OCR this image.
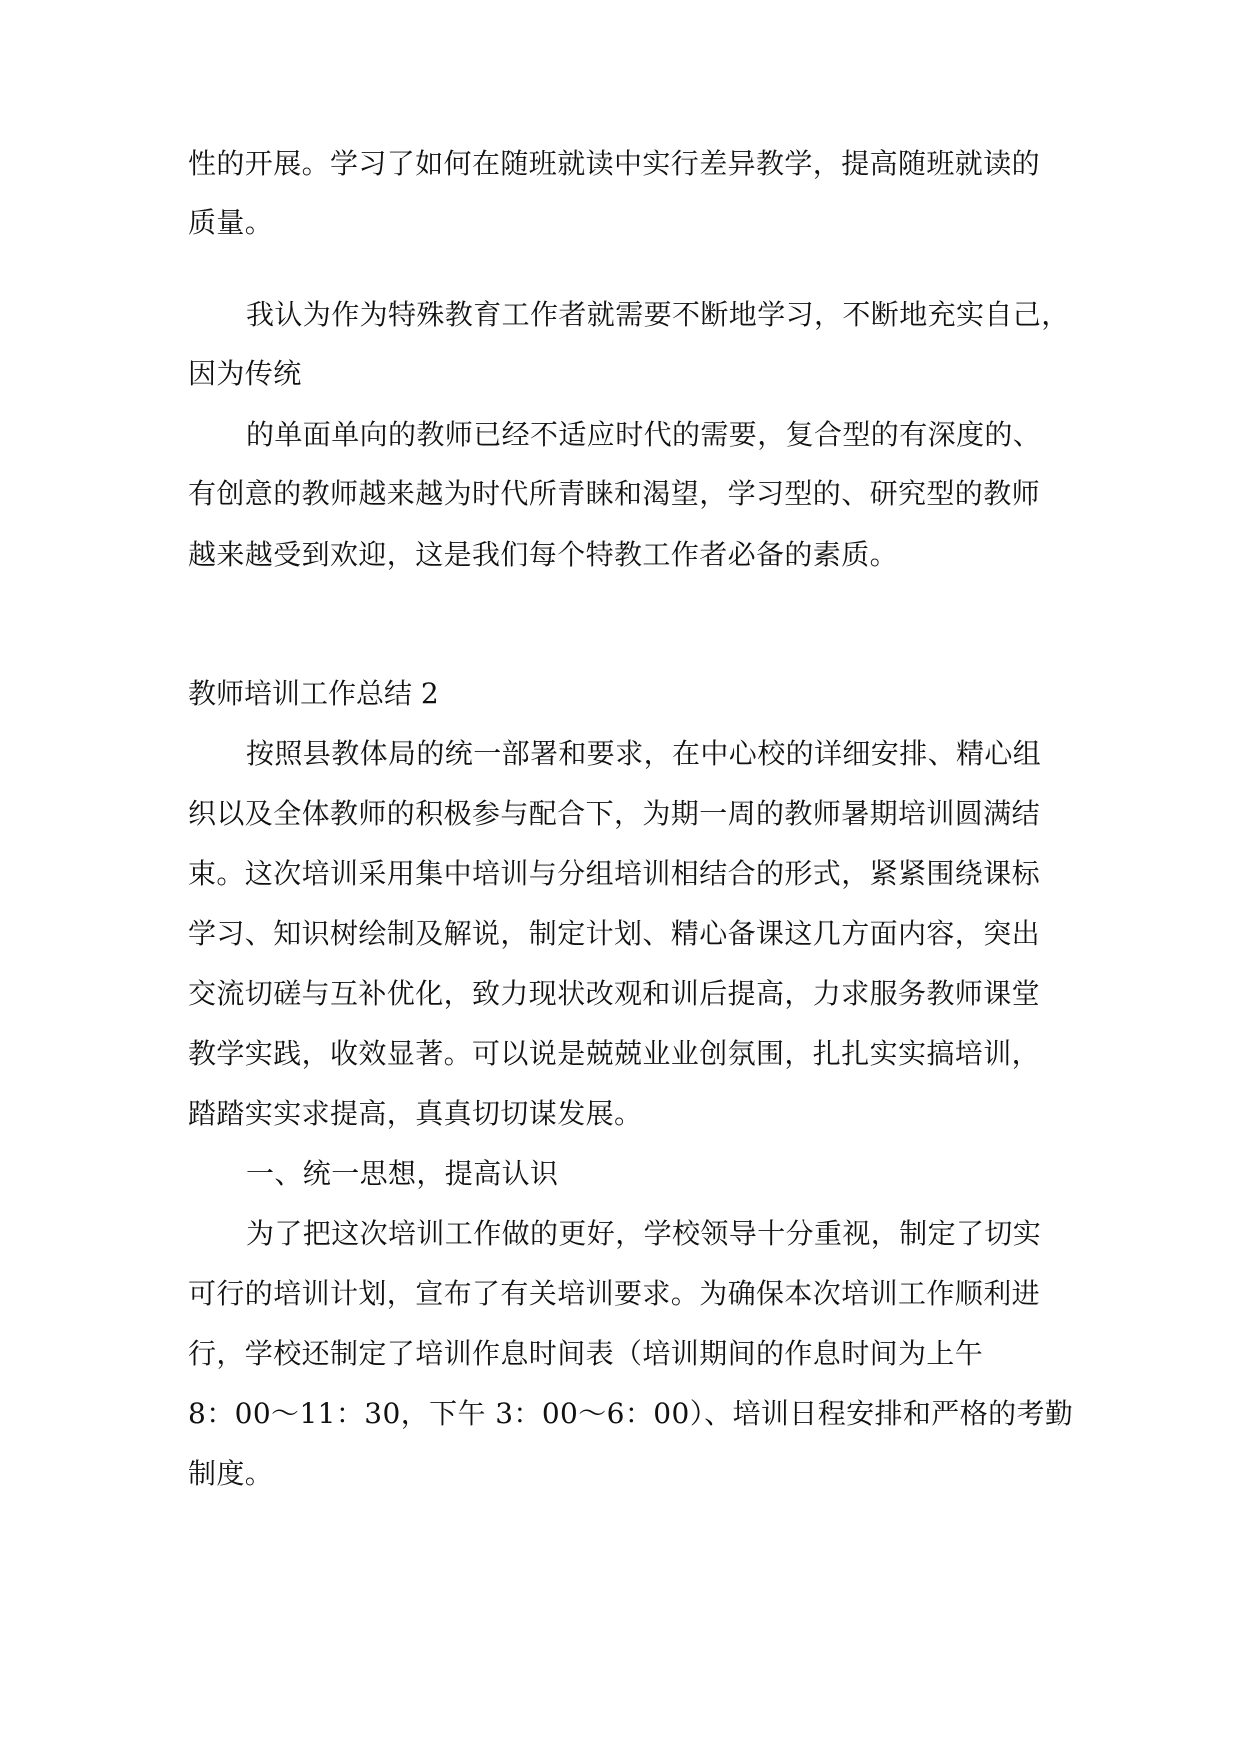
性的开展。学习了如何在随班就读中实行差异教学，提高随班就读的
质量。
我认为作为特殊教育工作者就需要不断地学习，不断地充实自己，
因为传统
的单面单向的教师已经不适应时代的需要，复合型的有深度的、
有创意的教师越来越为时代所青睐和渴望，学习型的、研究型的教师
越来越受到欢迎，这是我们每个特教工作者必备的素质。
教师培训工作总结 2
按照县教体局的统一部署和要求，在中心校的详细安排、精心组
织以及全体教师的积极参与配合下，为期一周的教师暑期培训圆满结
束。这次培训采用集中培训与分组培训相结合的形式，紧紧围绕课标
学习、知识树绘制及解说，制定计划、精心备课这几方面内容，突出
交流切磋与互补优化，致力现状改观和训后提高，力求服务教师课堂
教学实践，收效显著。可以说是兢兢业业创氛围，扎扎实实搞培训，
踏踏实实求提高，真真切切谋发展。
一、统一思想，提高认识
为了把这次培训工作做的更好，学校领导十分重视，制定了切实
可行的培训计划，宣布了有关培训要求。为确保本次培训工作顺利进
行，学校还制定了培训作息时间表（培训期间的作息时间为上午
8：00～11：30，下午 3：00～6：00）、培训日程安排和严格的考勤
制度。
